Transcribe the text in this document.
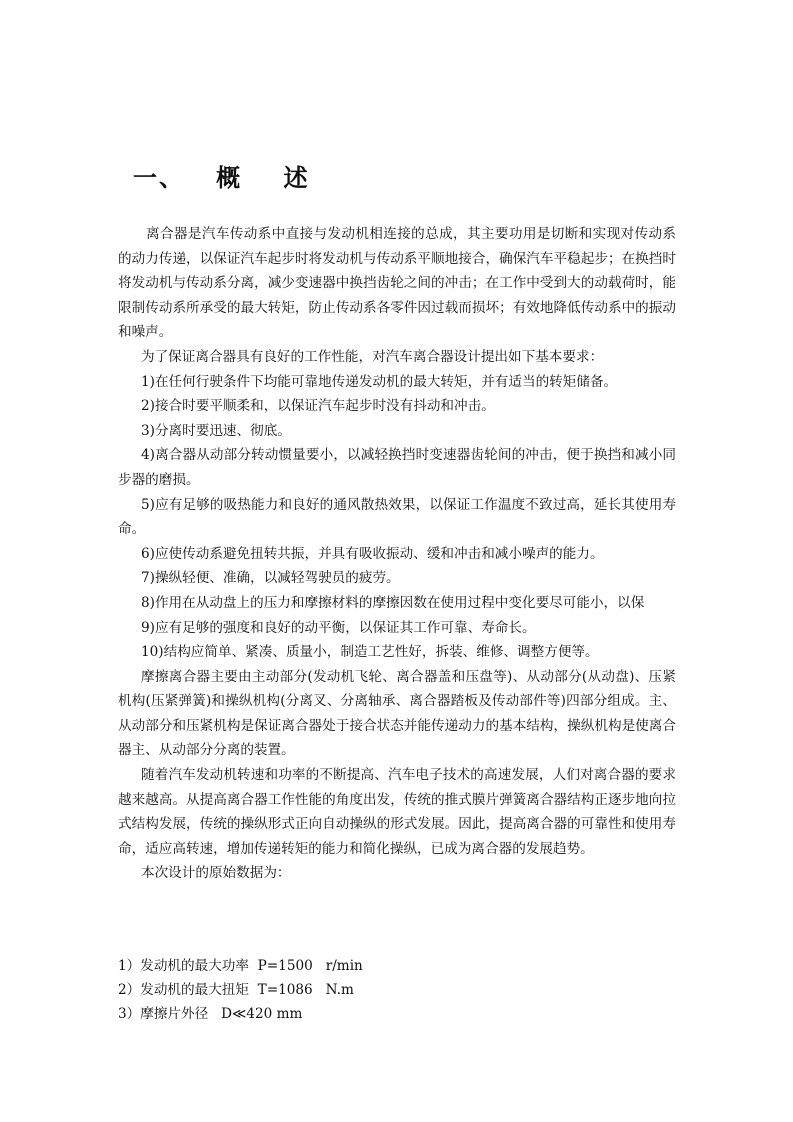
一、   概    述

离合器是汽车传动系中直接与发动机相连接的总成，其主要功用是切断和实现对传动系的动力传递，以保证汽车起步时将发动机与传动系平顺地接合，确保汽车平稳起步；在换挡时将发动机与传动系分离，减少变速器中换挡齿轮之间的冲击；在工作中受到大的动载荷时，能限制传动系所承受的最大转矩，防止传动系各零件因过载而损坏；有效地降低传动系中的振动和噪声。

为了保证离合器具有良好的工作性能，对汽车离合器设计提出如下基本要求：

1)在任何行驶条件下均能可靠地传递发动机的最大转矩，并有适当的转矩储备。

2)接合时要平顺柔和，以保证汽车起步时没有抖动和冲击。

3)分离时要迅速、彻底。

4)离合器从动部分转动惯量要小，以减轻换挡时变速器齿轮间的冲击，便于换挡和减小同步器的磨损。

5)应有足够的吸热能力和良好的通风散热效果，以保证工作温度不致过高，延长其使用寿命。

6)应使传动系避免扭转共振，并具有吸收振动、缓和冲击和减小噪声的能力。

7)操纵轻便、准确，以减轻驾驶员的疲劳。

8)作用在从动盘上的压力和摩擦材料的摩擦因数在使用过程中变化要尽可能小，以保

9)应有足够的强度和良好的动平衡，以保证其工作可靠、寿命长。

10)结构应简单、紧凑、质量小，制造工艺性好，拆装、维修、调整方便等。

摩擦离合器主要由主动部分(发动机飞轮、离合器盖和压盘等)、从动部分(从动盘)、压紧机构(压紧弹簧)和操纵机构(分离叉、分离轴承、离合器踏板及传动部件等)四部分组成。主、从动部分和压紧机构是保证离合器处于接合状态并能传递动力的基本结构，操纵机构是使离合器主、从动部分分离的装置。

随着汽车发动机转速和功率的不断提高、汽车电子技术的高速发展，人们对离合器的要求越来越高。从提高离合器工作性能的角度出发，传统的推式膜片弹簧离合器结构正逐步地向拉式结构发展，传统的操纵形式正向自动操纵的形式发展。因此，提高离合器的可靠性和使用寿命，适应高转速，增加传递转矩的能力和简化操纵，已成为离合器的发展趋势。

本次设计的原始数据为：

1）发动机的最大功率  P=1500   r/min

2）发动机的最大扭矩  T=1086   N.m

3）摩擦片外径   D≪420 mm
